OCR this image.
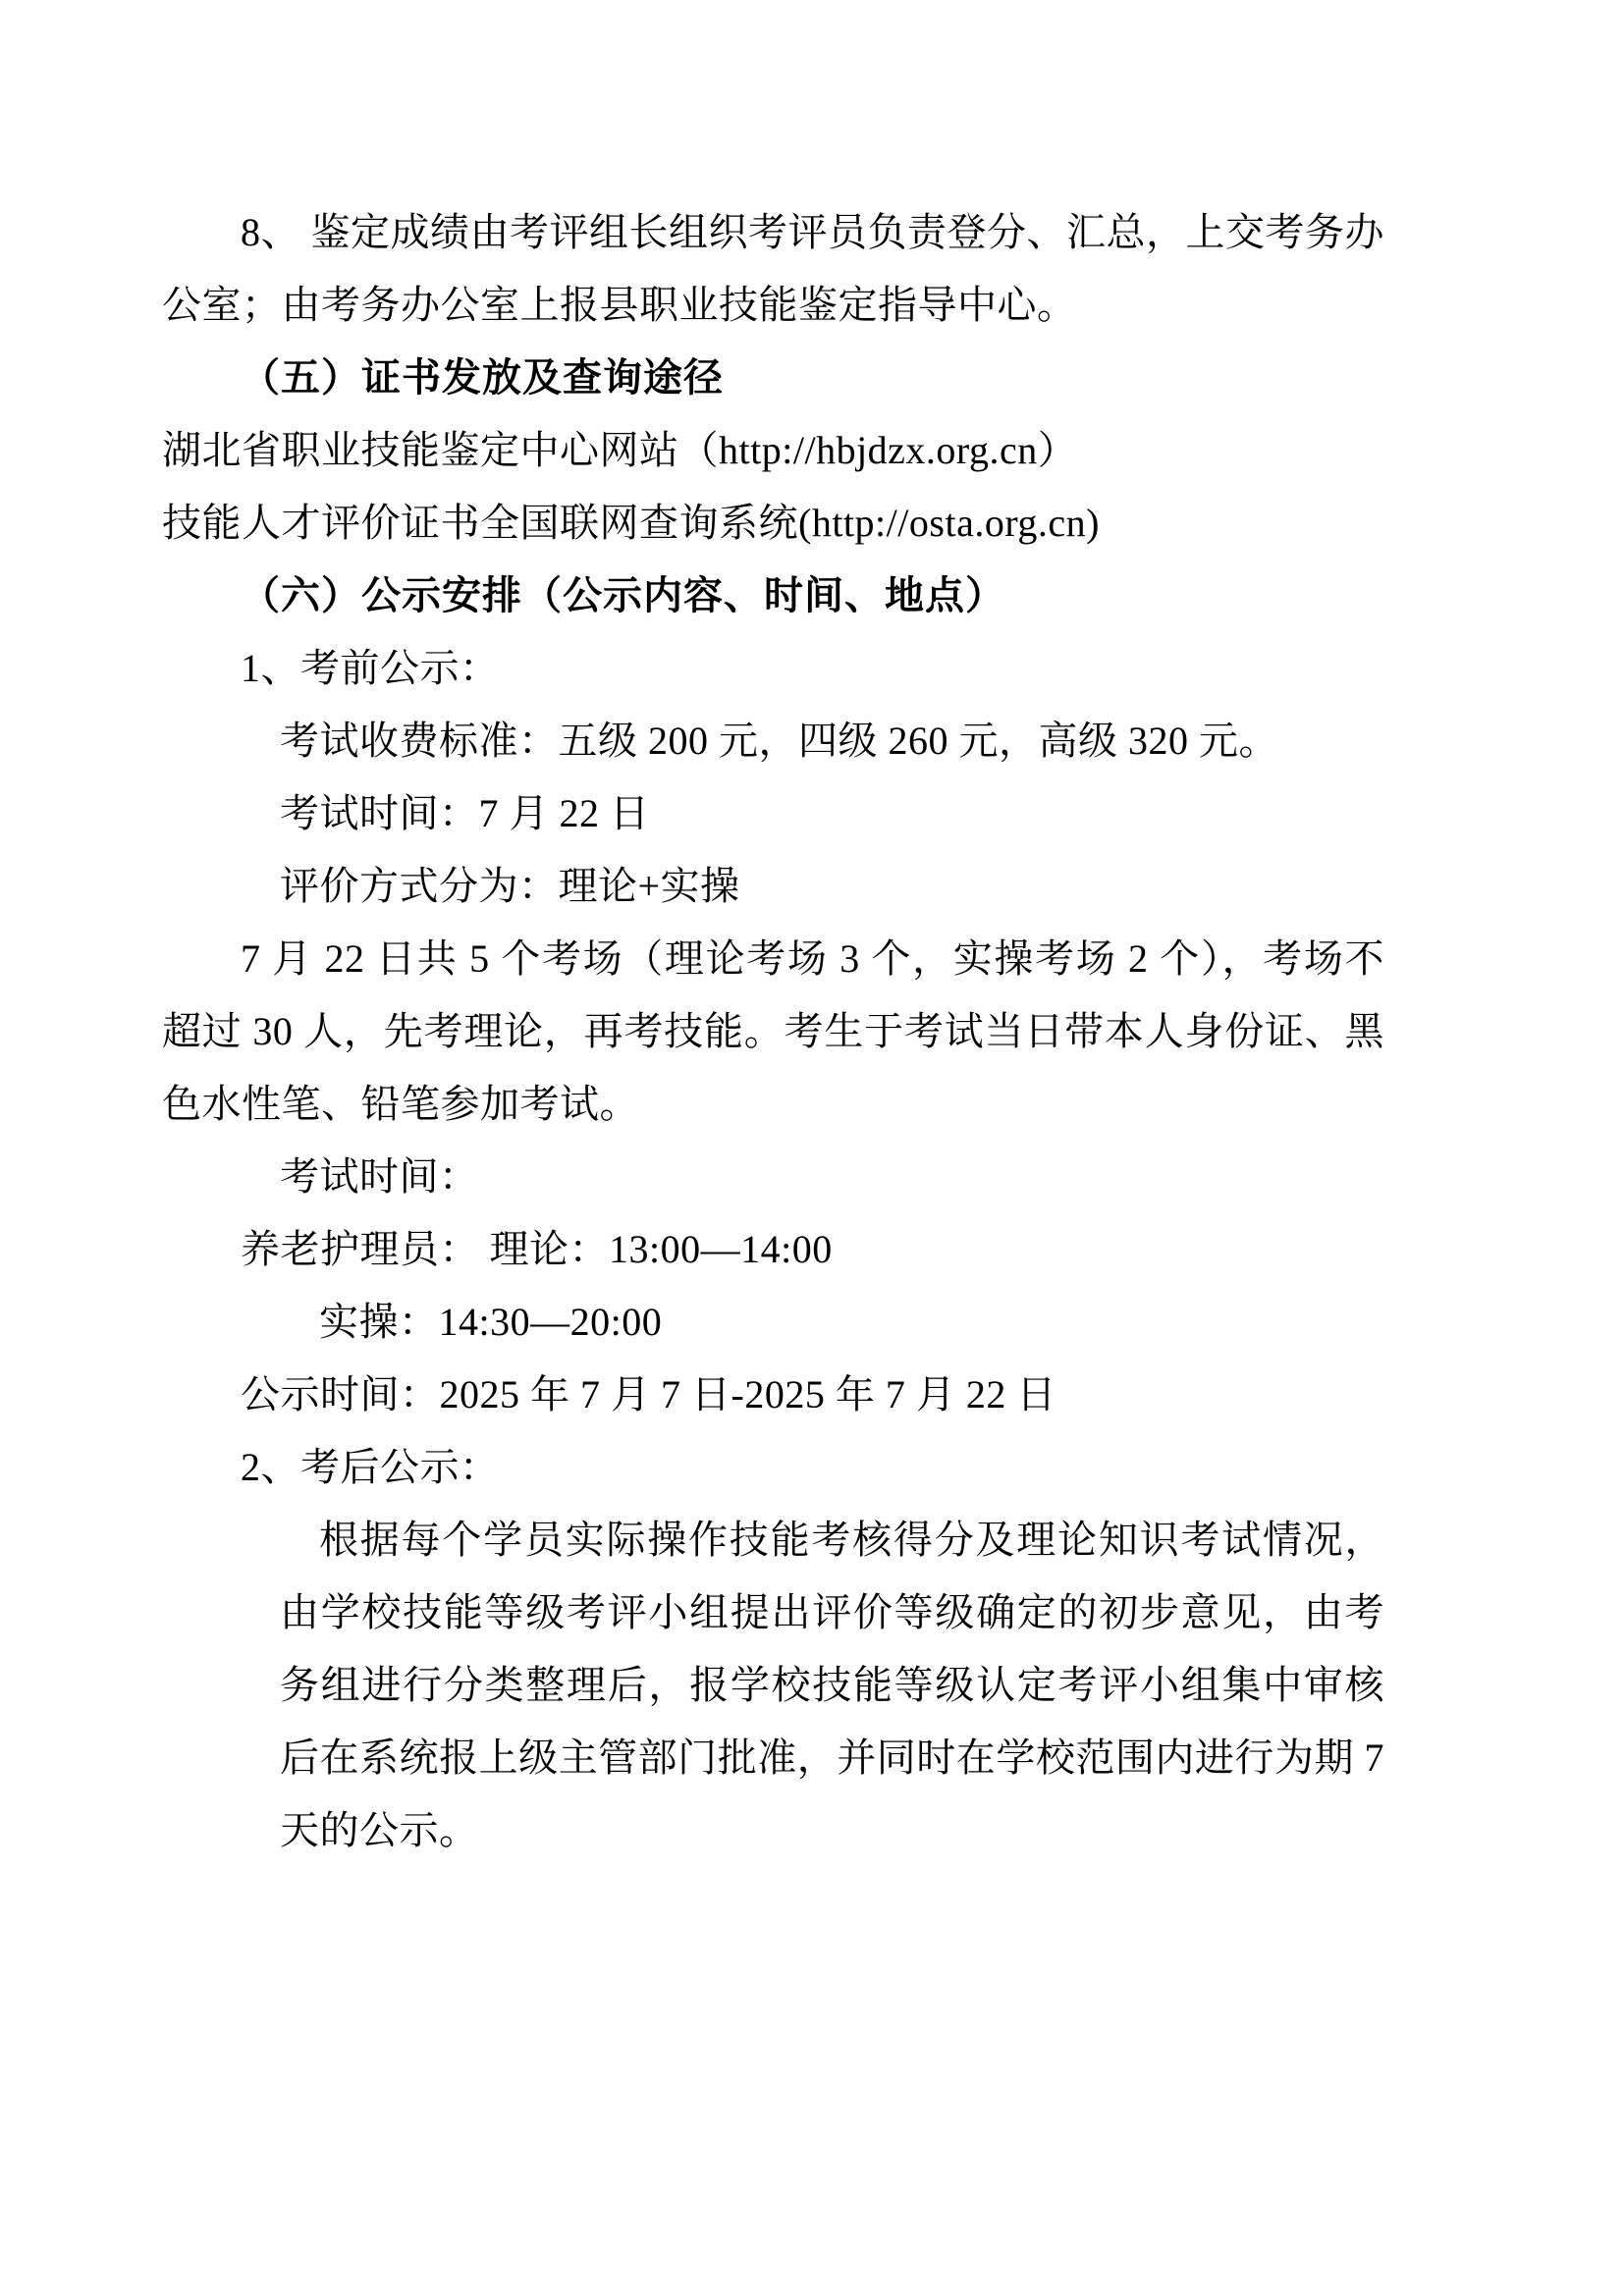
8、 鉴定成绩由考评组长组织考评员负责登分、汇总，上交考务办公室；由考务办公室上报县职业技能鉴定指导中心。

（五）证书发放及查询途径

湖北省职业技能鉴定中心网站（http://hbjdzx.org.cn）

技能人才评价证书全国联网查询系统(http://osta.org.cn)

（六）公示安排（公示内容、时间、地点）

1、考前公示：

考试收费标准：五级 200 元，四级 260 元，高级 320 元。

考试时间：7 月 22 日

评价方式分为：理论+实操

7 月 22 日共 5 个考场（理论考场 3 个，实操考场 2 个），考场不超过 30 人，先考理论，再考技能。考生于考试当日带本人身份证、黑色水性笔、铅笔参加考试。

考试时间：

养老护理员： 理论：13:00—14:00

实操：14:30—20:00

公示时间：2025 年 7 月 7 日-2025 年 7 月 22 日

2、考后公示：

根据每个学员实际操作技能考核得分及理论知识考试情况，由学校技能等级考评小组提出评价等级确定的初步意见，由考务组进行分类整理后，报学校技能等级认定考评小组集中审核后在系统报上级主管部门批准，并同时在学校范围内进行为期 7 天的公示。
